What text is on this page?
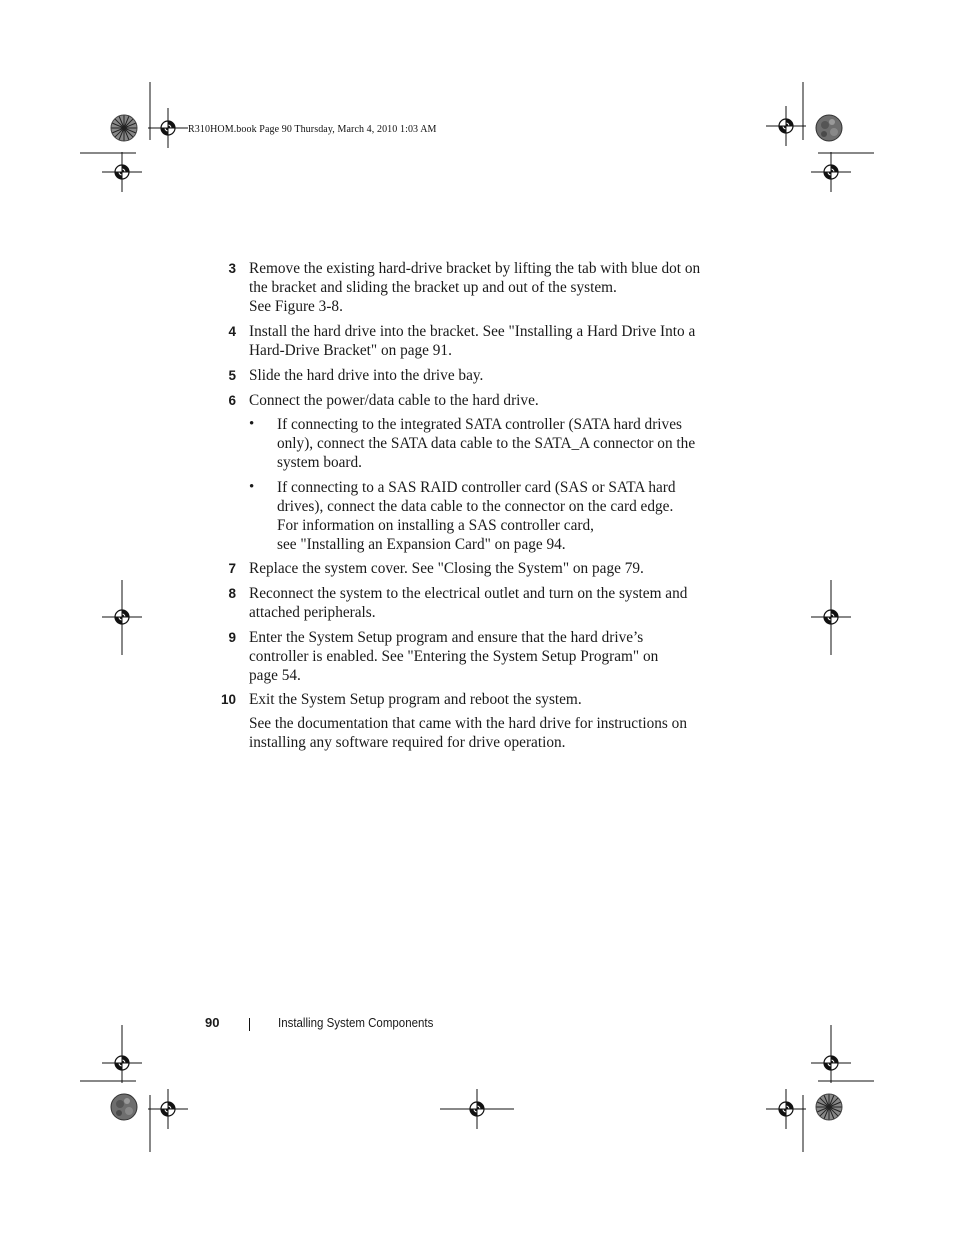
R310HOM.book Page 90 Thursday, March 4, 2010 1:03 AM
3 Remove the existing hard-drive bracket by lifting the tab with blue dot on
the bracket and sliding the bracket up and out of the system.
See Figure 3-8.
4 Install the hard drive into the bracket. See "Installing a Hard Drive Into a
Hard-Drive Bracket" on page 91.
5 Slide the hard drive into the drive bay.
6 Connect the power/data cable to the hard drive.
• If connecting to the integrated SATA controller (SATA hard drives
only), connect the SATA data cable to the SATA_A connector on the
system board.
• If connecting to a SAS RAID controller card (SAS or SATA hard
drives), connect the data cable to the connector on the card edge.
For information on installing a SAS controller card,
see "Installing an Expansion Card" on page 94.
7 Replace the system cover. See "Closing the System" on page 79.
8 Reconnect the system to the electrical outlet and turn on the system and
attached peripherals.
9 Enter the System Setup program and ensure that the hard drive’s
controller is enabled. See "Entering the System Setup Program" on
page 54.
10 Exit the System Setup program and reboot the system.
See the documentation that came with the hard drive for instructions on
installing any software required for drive operation.
90	Installing System Components
